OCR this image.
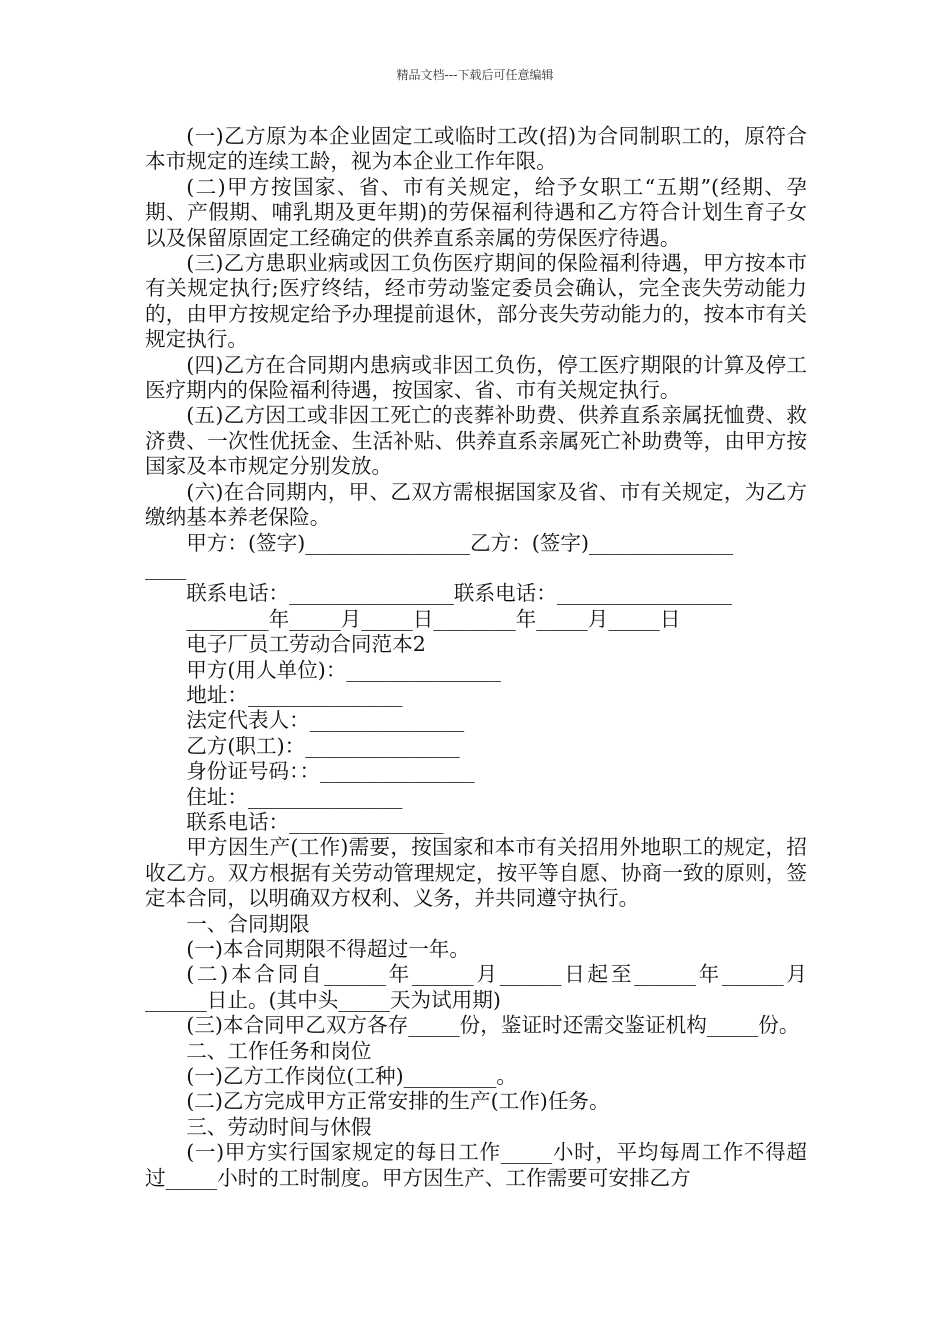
精品文档---下载后可任意编辑
(一)乙方原为本企业固定工或临时工改(招)为合同制职工的，原符合本市规定的连续工龄，视为本企业工作年限。
(二)甲方按国家、省、市有关规定，给予女职工“五期”(经期、孕期、产假期、哺乳期及更年期)的劳保福利待遇和乙方符合计划生育子女以及保留原固定工经确定的供养直系亲属的劳保医疗待遇。
(三)乙方患职业病或因工负伤医疗期间的保险福利待遇，甲方按本市有关规定执行;医疗终结，经市劳动鉴定委员会确认，完全丧失劳动能力的，由甲方按规定给予办理提前退休，部分丧失劳动能力的，按本市有关规定执行。
(四)乙方在合同期内患病或非因工负伤，停工医疗期限的计算及停工医疗期内的保险福利待遇，按国家、省、市有关规定执行。
(五)乙方因工或非因工死亡的丧葬补助费、供养直系亲属抚恤费、救济费、一次性优抚金、生活补贴、供养直系亲属死亡补助费等，由甲方按国家及本市规定分别发放。
(六)在合同期内，甲、乙双方需根据国家及省、市有关规定，为乙方缴纳基本养老保险。
甲方：(签字)________________乙方：(签字)______________
____
联系电话：________________联系电话：_________________
________年_____月_____日________年_____月_____日
电子厂员工劳动合同范本2
甲方(用人单位)：_______________
地址：_______________
法定代表人：_______________
乙方(职工)：_______________
身份证号码：：_______________
住址：_______________
联系电话：_______________
甲方因生产(工作)需要，按国家和本市有关招用外地职工的规定，招收乙方。双方根据有关劳动管理规定，按平等自愿、协商一致的原则，签定本合同，以明确双方权利、义务，并共同遵守执行。
一、合同期限
(一)本合同期限不得超过一年。
(二)本合同自______年______月______日起至______年______月______日止。(其中头_____天为试用期)
(三)本合同甲乙双方各存_____份，鉴证时还需交鉴证机构_____份。
二、工作任务和岗位
(一)乙方工作岗位(工种)_________。
(二)乙方完成甲方正常安排的生产(工作)任务。
三、劳动时间与休假
(一)甲方实行国家规定的每日工作_____小时，平均每周工作不得超过_____小时的工时制度。甲方因生产、工作需要可安排乙方
